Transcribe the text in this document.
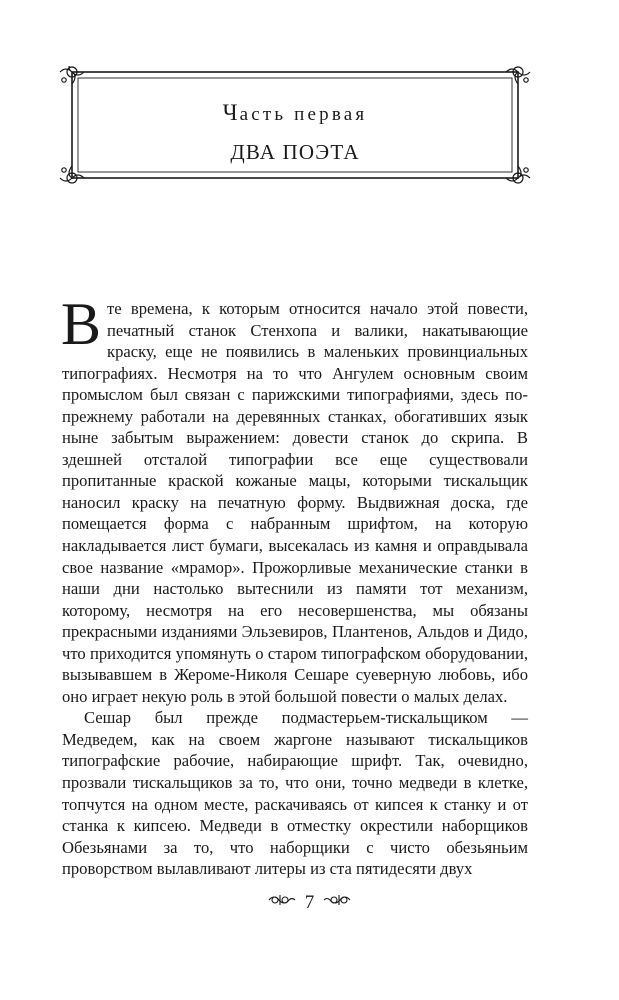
Часть первая
ДВА ПОЭТА

В те времена, к которым относится начало этой повести, печатный станок Стенхопа и валики, накатывающие краску, еще не появились в маленьких провинциальных типографиях. Несмотря на то что Ангулем основным своим промыслом был связан с парижскими типографиями, здесь по-прежнему работали на деревянных станках, обогативших язык ныне забытым выражением: довести станок до скрипа. В здешней отсталой типографии все еще существовали пропитанные краской кожаные мацы, которыми тискальщик наносил краску на печатную форму. Выдвижная доска, где помещается форма с набранным шрифтом, на которую накладывается лист бумаги, высекалась из камня и оправдывала свое название «мрамор». Прожорливые механические станки в наши дни настолько вытеснили из памяти тот механизм, которому, несмотря на его несовершенства, мы обязаны прекрасными изданиями Эльзевиров, Плантенов, Альдов и Дидо, что приходится упомянуть о старом типографском оборудовании, вызывавшем в Жероме-Николя Сешаре суеверную любовь, ибо оно играет некую роль в этой большой повести о малых делах.

Сешар был прежде подмастерьем-тискальщиком — Медведем, как на своем жаргоне называют тискальщиков типографские рабочие, набирающие шрифт. Так, очевидно, прозвали тискальщиков за то, что они, точно медведи в клетке, топчутся на одном месте, раскачиваясь от кипсея к станку и от станка к кипсею. Медведи в отместку окрестили наборщиков Обезьянами за то, что наборщики с чисто обезьяньим проворством вылавливают литеры из ста пятидесяти двух

7
